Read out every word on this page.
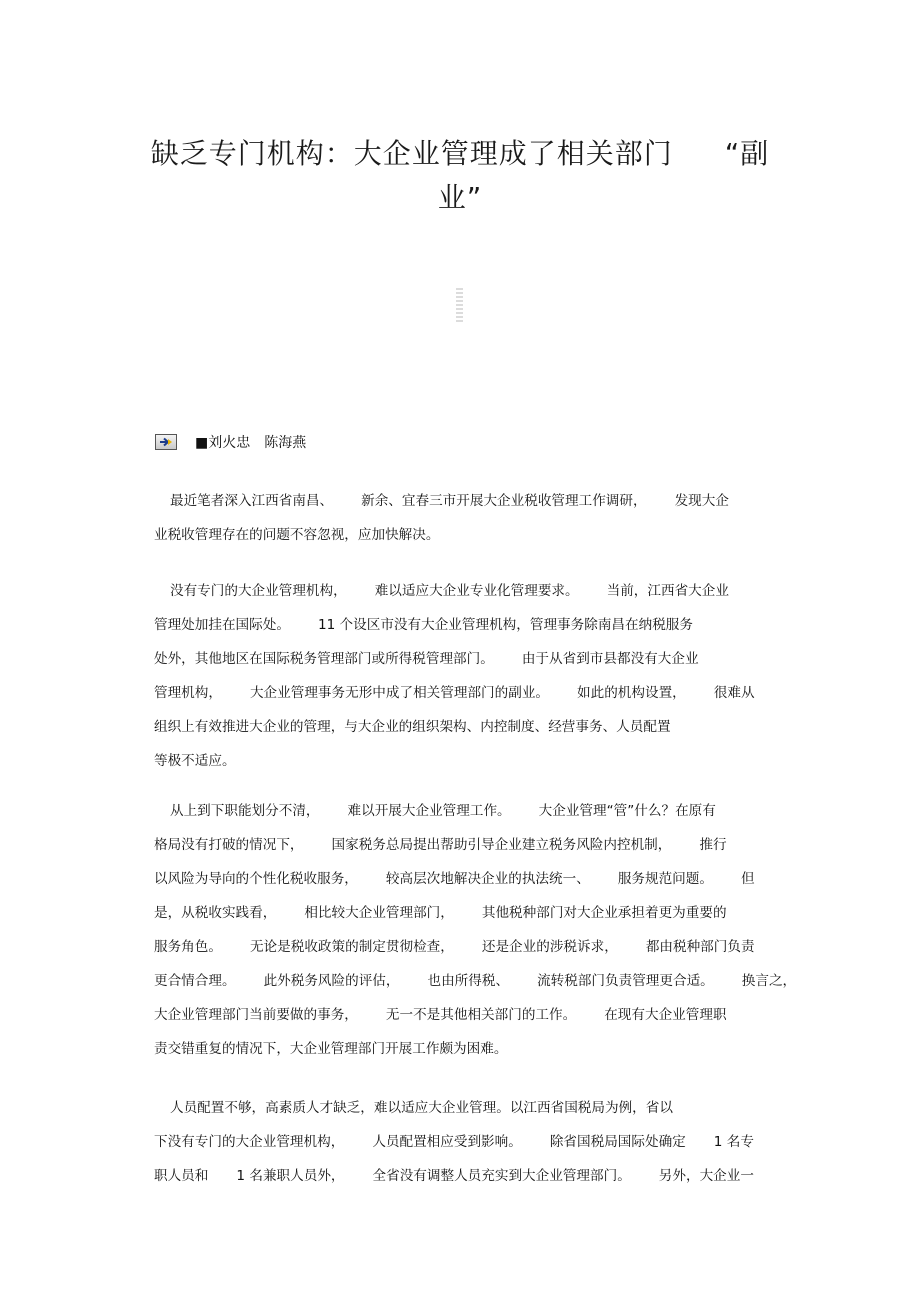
缺乏专门机构：大企业管理成了相关部门 “副
业”
■刘火忠 陈海燕
最近笔者深入江西省南昌、 新余、宜春三市开展大企业税收管理工作调研， 发现大企
业税收管理存在的问题不容忽视，应加快解决。
没有专门的大企业管理机构， 难以适应大企业专业化管理要求。 当前，江西省大企业
管理处加挂在国际处。 11 个设区市没有大企业管理机构，管理事务除南昌在纳税服务
处外，其他地区在国际税务管理部门或所得税管理部门。 由于从省到市县都没有大企业
管理机构， 大企业管理事务无形中成了相关管理部门的副业。 如此的机构设置， 很难从
组织上有效推进大企业的管理，与大企业的组织架构、内控制度、经营事务、人员配置
等极不适应。
从上到下职能划分不清， 难以开展大企业管理工作。 大企业管理“管”什么？在原有
格局没有打破的情况下， 国家税务总局提出帮助引导企业建立税务风险内控机制， 推行
以风险为导向的个性化税收服务， 较高层次地解决企业的执法统一、 服务规范问题。 但
是，从税收实践看， 相比较大企业管理部门， 其他税种部门对大企业承担着更为重要的
服务角色。 无论是税收政策的制定贯彻检查， 还是企业的涉税诉求， 都由税种部门负责
更合情合理。 此外税务风险的评估， 也由所得税、 流转税部门负责管理更合适。 换言之，
大企业管理部门当前要做的事务， 无一不是其他相关部门的工作。 在现有大企业管理职
责交错重复的情况下，大企业管理部门开展工作颇为困难。
人员配置不够，高素质人才缺乏，难以适应大企业管理。以江西省国税局为例，省以
下没有专门的大企业管理机构， 人员配置相应受到影响。 除省国税局国际处确定 1 名专
职人员和 1 名兼职人员外， 全省没有调整人员充实到大企业管理部门。 另外，大企业一
